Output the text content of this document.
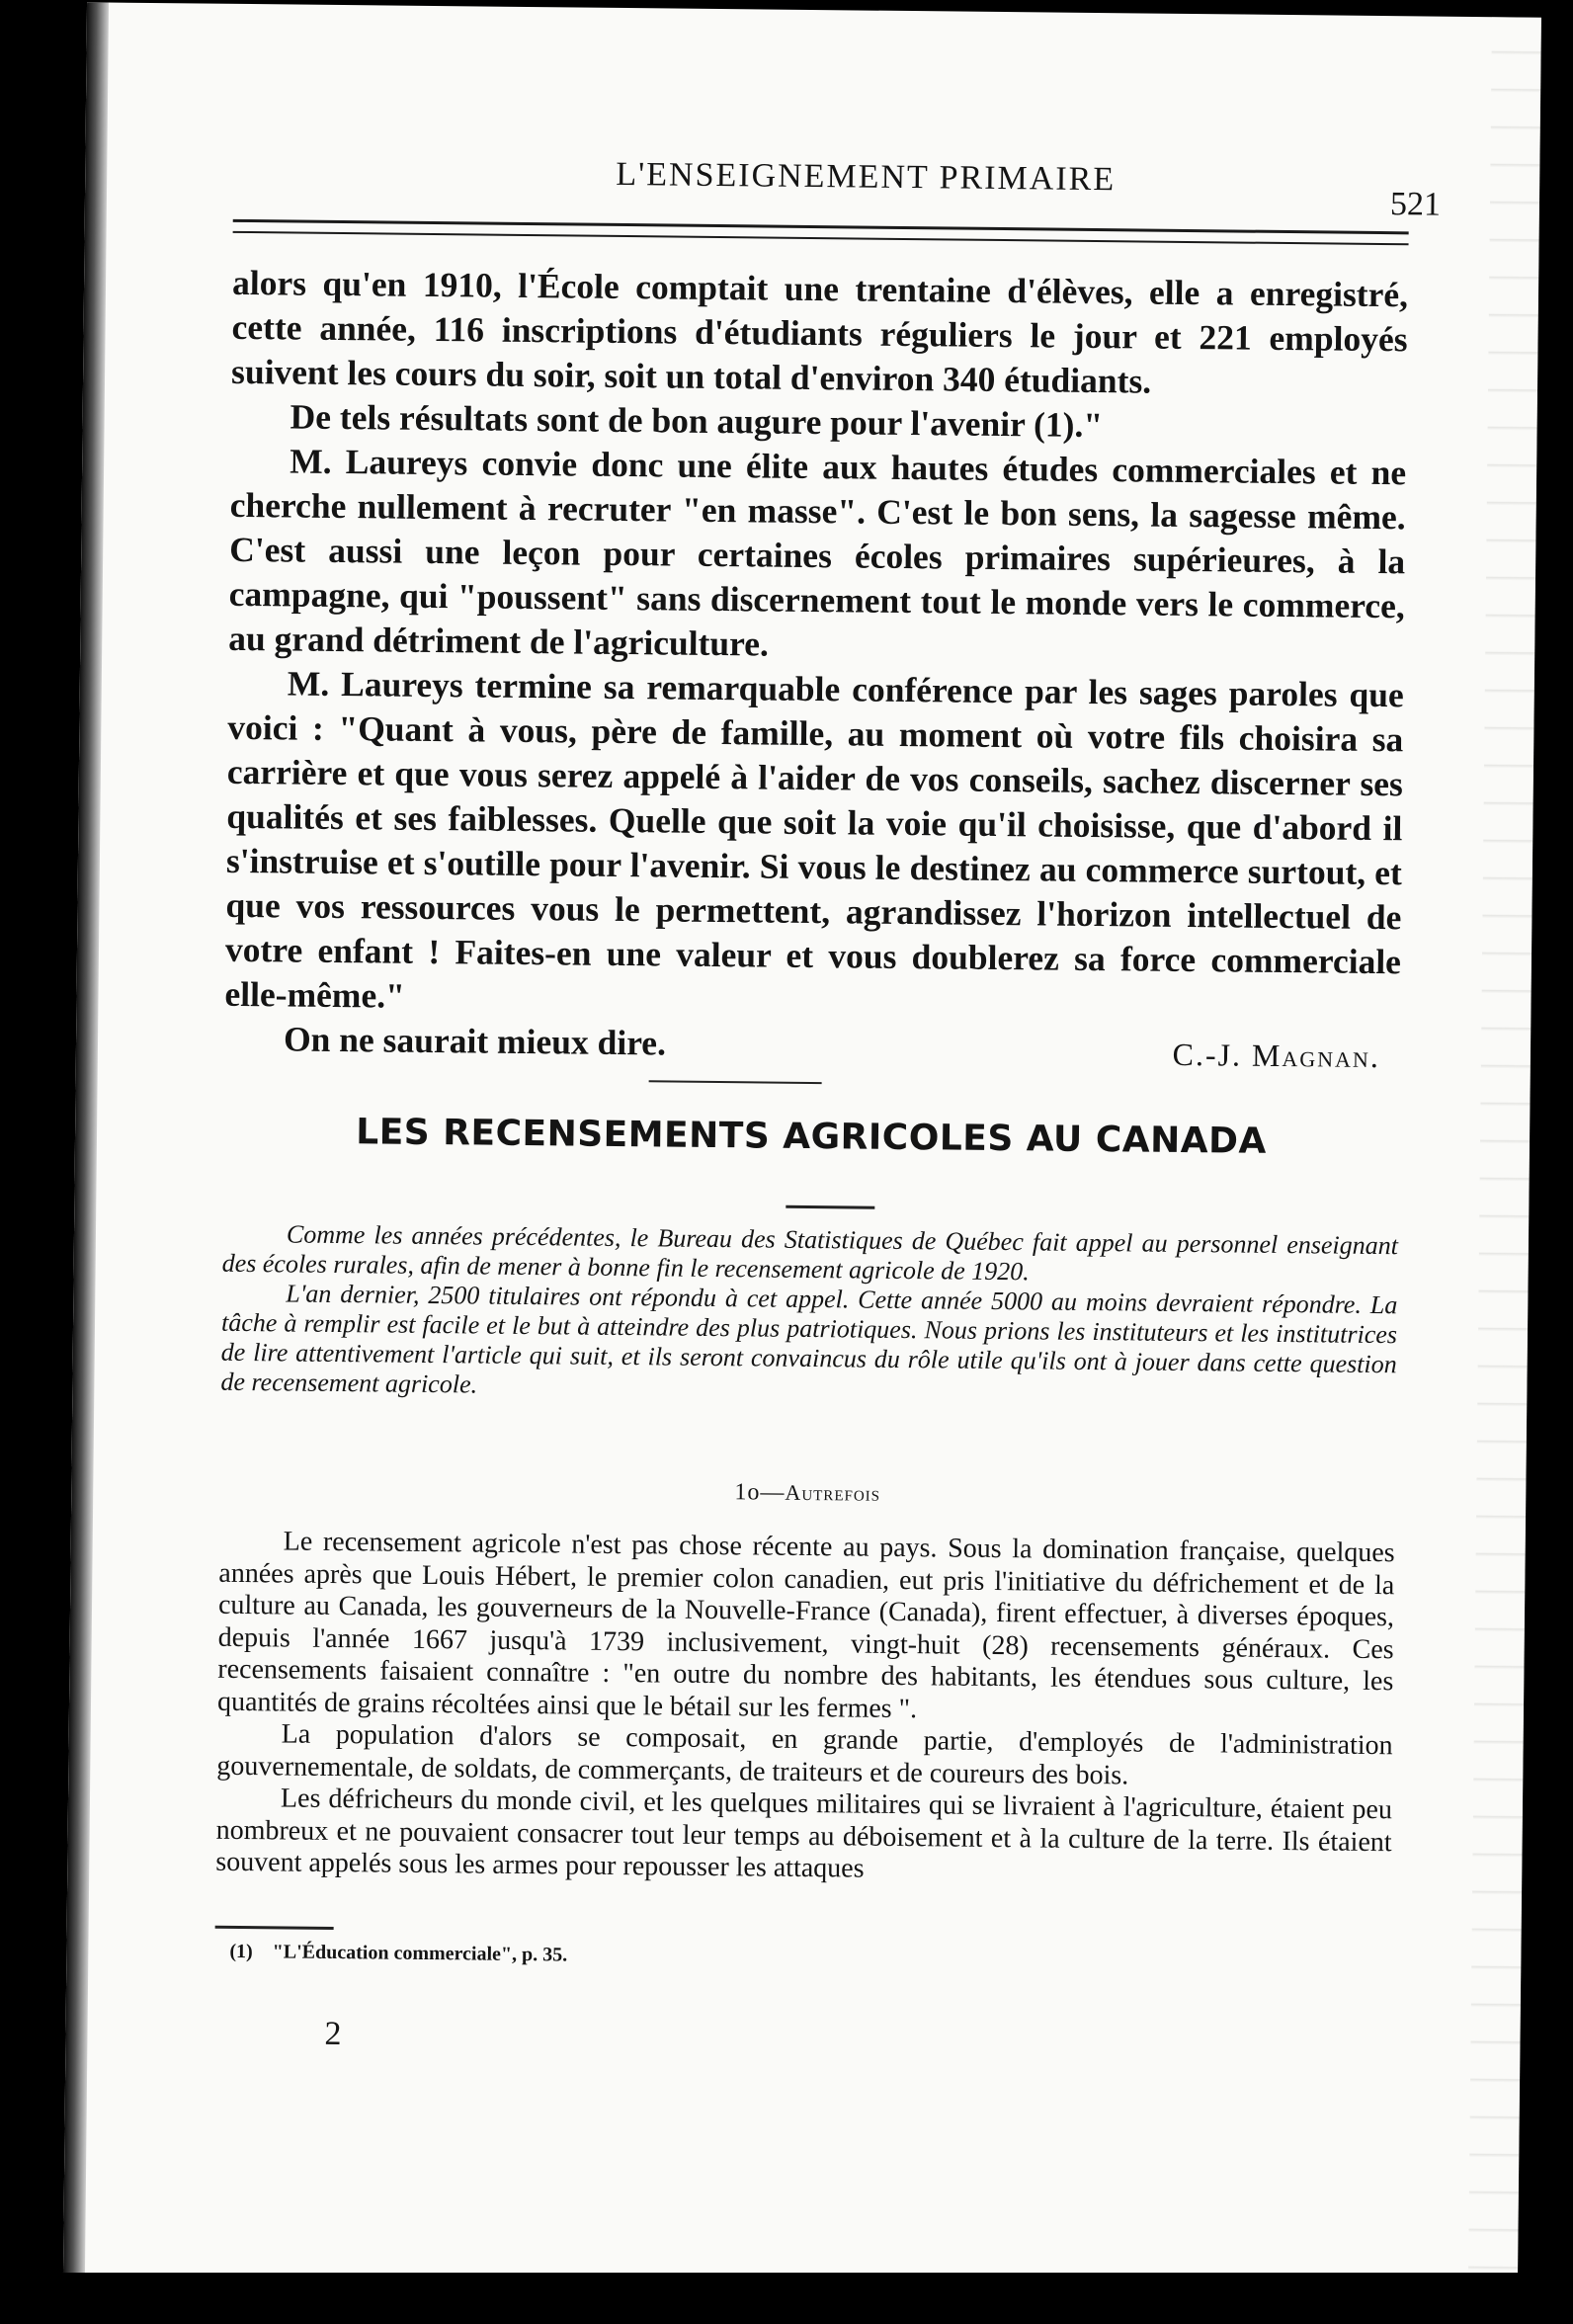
L'ENSEIGNEMENT PRIMAIRE
521

alors qu'en 1910, l'École comptait une trentaine d'élèves, elle a enregistré, cette année, 116 inscriptions d'étudiants réguliers le jour et 221 employés suivent les cours du soir, soit un total d'environ 340 étudiants.

De tels résultats sont de bon augure pour l'avenir (1)."

M. Laureys convie donc une élite aux hautes études commerciales et ne cherche nullement à recruter "en masse". C'est le bon sens, la sagesse même. C'est aussi une leçon pour certaines écoles primaires supérieures, à la campagne, qui "poussent" sans discernement tout le monde vers le commerce, au grand détriment de l'agriculture.

M. Laureys termine sa remarquable conférence par les sages paroles que voici : "Quant à vous, père de famille, au moment où votre fils choisira sa carrière et que vous serez appelé à l'aider de vos conseils, sachez discerner ses qualités et ses faiblesses. Quelle que soit la voie qu'il choisisse, que d'abord il s'instruise et s'outille pour l'avenir. Si vous le destinez au commerce surtout, et que vos ressources vous le permettent, agrandissez l'horizon intellectuel de votre enfant ! Faites-en une valeur et vous doublerez sa force commerciale elle-même."

On ne saurait mieux dire.	C.-J. Magnan.
LES RECENSEMENTS AGRICOLES AU CANADA

Comme les années précédentes, le Bureau des Statistiques de Québec fait appel au personnel enseignant des écoles rurales, afin de mener à bonne fin le recensement agricole de 1920.

L'an dernier, 2500 titulaires ont répondu à cet appel. Cette année 5000 au moins devraient répondre. La tâche à remplir est facile et le but à atteindre des plus patriotiques. Nous prions les instituteurs et les institutrices de lire attentivement l'article qui suit, et ils seront convaincus du rôle utile qu'ils ont à jouer dans cette question de recensement agricole.

1o—Autrefois

Le recensement agricole n'est pas chose récente au pays. Sous la domination française, quelques années après que Louis Hébert, le premier colon canadien, eut pris l'initiative du défrichement et de la culture au Canada, les gouverneurs de la Nouvelle-France (Canada), firent effectuer, à diverses époques, depuis l'année 1667 jusqu'à 1739 inclusivement, vingt-huit (28) recensements généraux. Ces recensements faisaient connaître : "en outre du nombre des habitants, les étendues sous culture, les quantités de grains récoltées ainsi que le bétail sur les fermes ".

La population d'alors se composait, en grande partie, d'employés de l'administration gouvernementale, de soldats, de commerçants, de traiteurs et de coureurs des bois.

Les défricheurs du monde civil, et les quelques militaires qui se livraient à l'agriculture, étaient peu nombreux et ne pouvaient consacrer tout leur temps au déboisement et à la culture de la terre. Ils étaient souvent appelés sous les armes pour repousser les attaques

(1) "L'Éducation commerciale", p. 35.
2
